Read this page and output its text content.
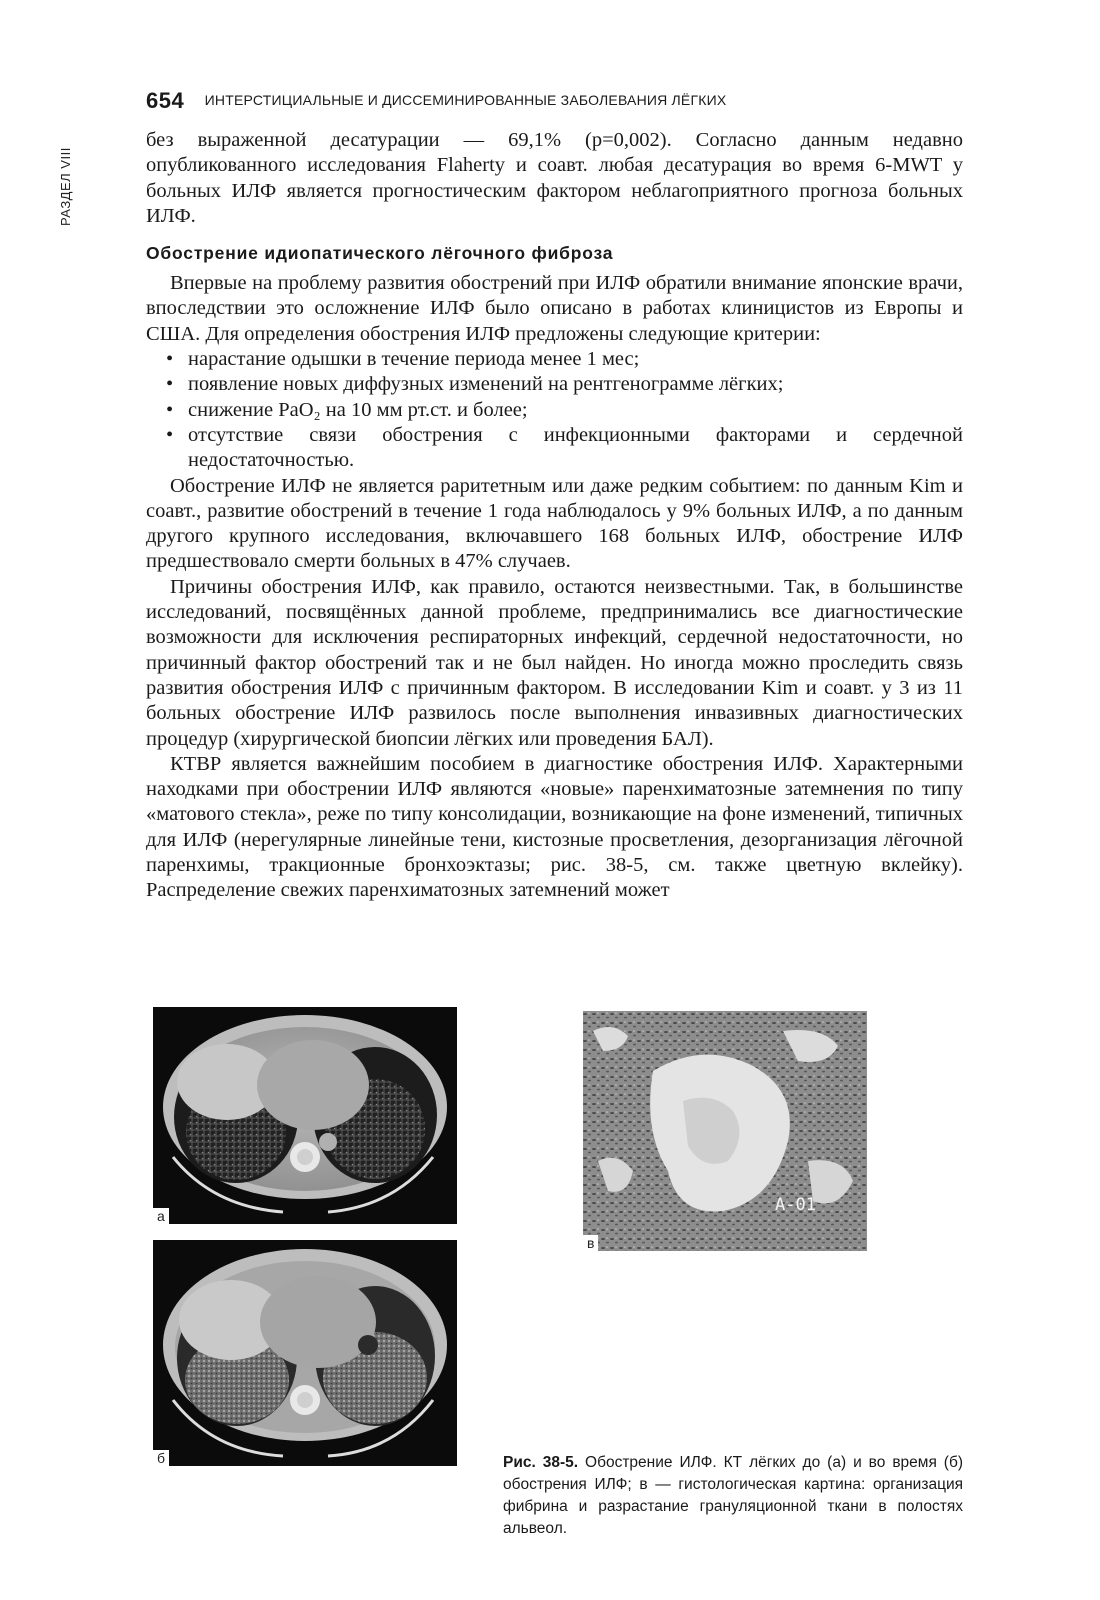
РАЗДЕЛ VIII
654 ИНТЕРСТИЦИАЛЬНЫЕ И ДИССЕМИНИРОВАННЫЕ ЗАБОЛЕВАНИЯ ЛЁГКИХ

без выраженной десатурации — 69,1% (р=0,002). Согласно данным недавно опубликованного исследования Flaherty и соавт. любая десатурация во время 6-MWT у больных ИЛФ является прогностическим фактором неблагоприятного прогноза больных ИЛФ.

Обострение идиопатического лёгочного фиброза

Впервые на проблему развития обострений при ИЛФ обратили внимание японские врачи, впоследствии это осложнение ИЛФ было описано в работах клиницистов из Европы и США. Для определения обострения ИЛФ предложены следующие критерии:

• нарастание одышки в течение периода менее 1 мес;
• появление новых диффузных изменений на рентгенограмме лёгких;
• снижение PaO₂ на 10 мм рт.ст. и более;
• отсутствие связи обострения с инфекционными факторами и сердечной недостаточностью.

Обострение ИЛФ не является раритетным или даже редким событием: по данным Kim и соавт., развитие обострений в течение 1 года наблюдалось у 9% больных ИЛФ, а по данным другого крупного исследования, включавшего 168 больных ИЛФ, обострение ИЛФ предшествовало смерти больных в 47% случаев.

Причины обострения ИЛФ, как правило, остаются неизвестными. Так, в большинстве исследований, посвящённых данной проблеме, предпринимались все диагностические возможности для исключения респираторных инфекций, сердечной недостаточности, но причинный фактор обострений так и не был найден. Но иногда можно проследить связь развития обострения ИЛФ с причинным фактором. В исследовании Kim и соавт. у 3 из 11 больных обострение ИЛФ развилось после выполнения инвазивных диагностических процедур (хирургической биопсии лёгких или проведения БАЛ).

КТВР является важнейшим пособием в диагностике обострения ИЛФ. Характерными находками при обострении ИЛФ являются «новые» паренхиматозные затемнения по типу «матового стекла», реже по типу консолидации, возникающие на фоне изменений, типичных для ИЛФ (нерегулярные линейные тени, кистозные просветления, дезорганизация лёгочной паренхимы, тракционные бронхоэктазы; рис. 38-5, см. также цветную вклейку). Распределение свежих паренхиматозных затемнений может

а
б
A-01
в
Рис. 38-5. Обострение ИЛФ. КТ лёгких до (а) и во время (б) обострения ИЛФ; в — гистологическая картина: организация фибрина и разрастание грануляционной ткани в полостях альвеол.
